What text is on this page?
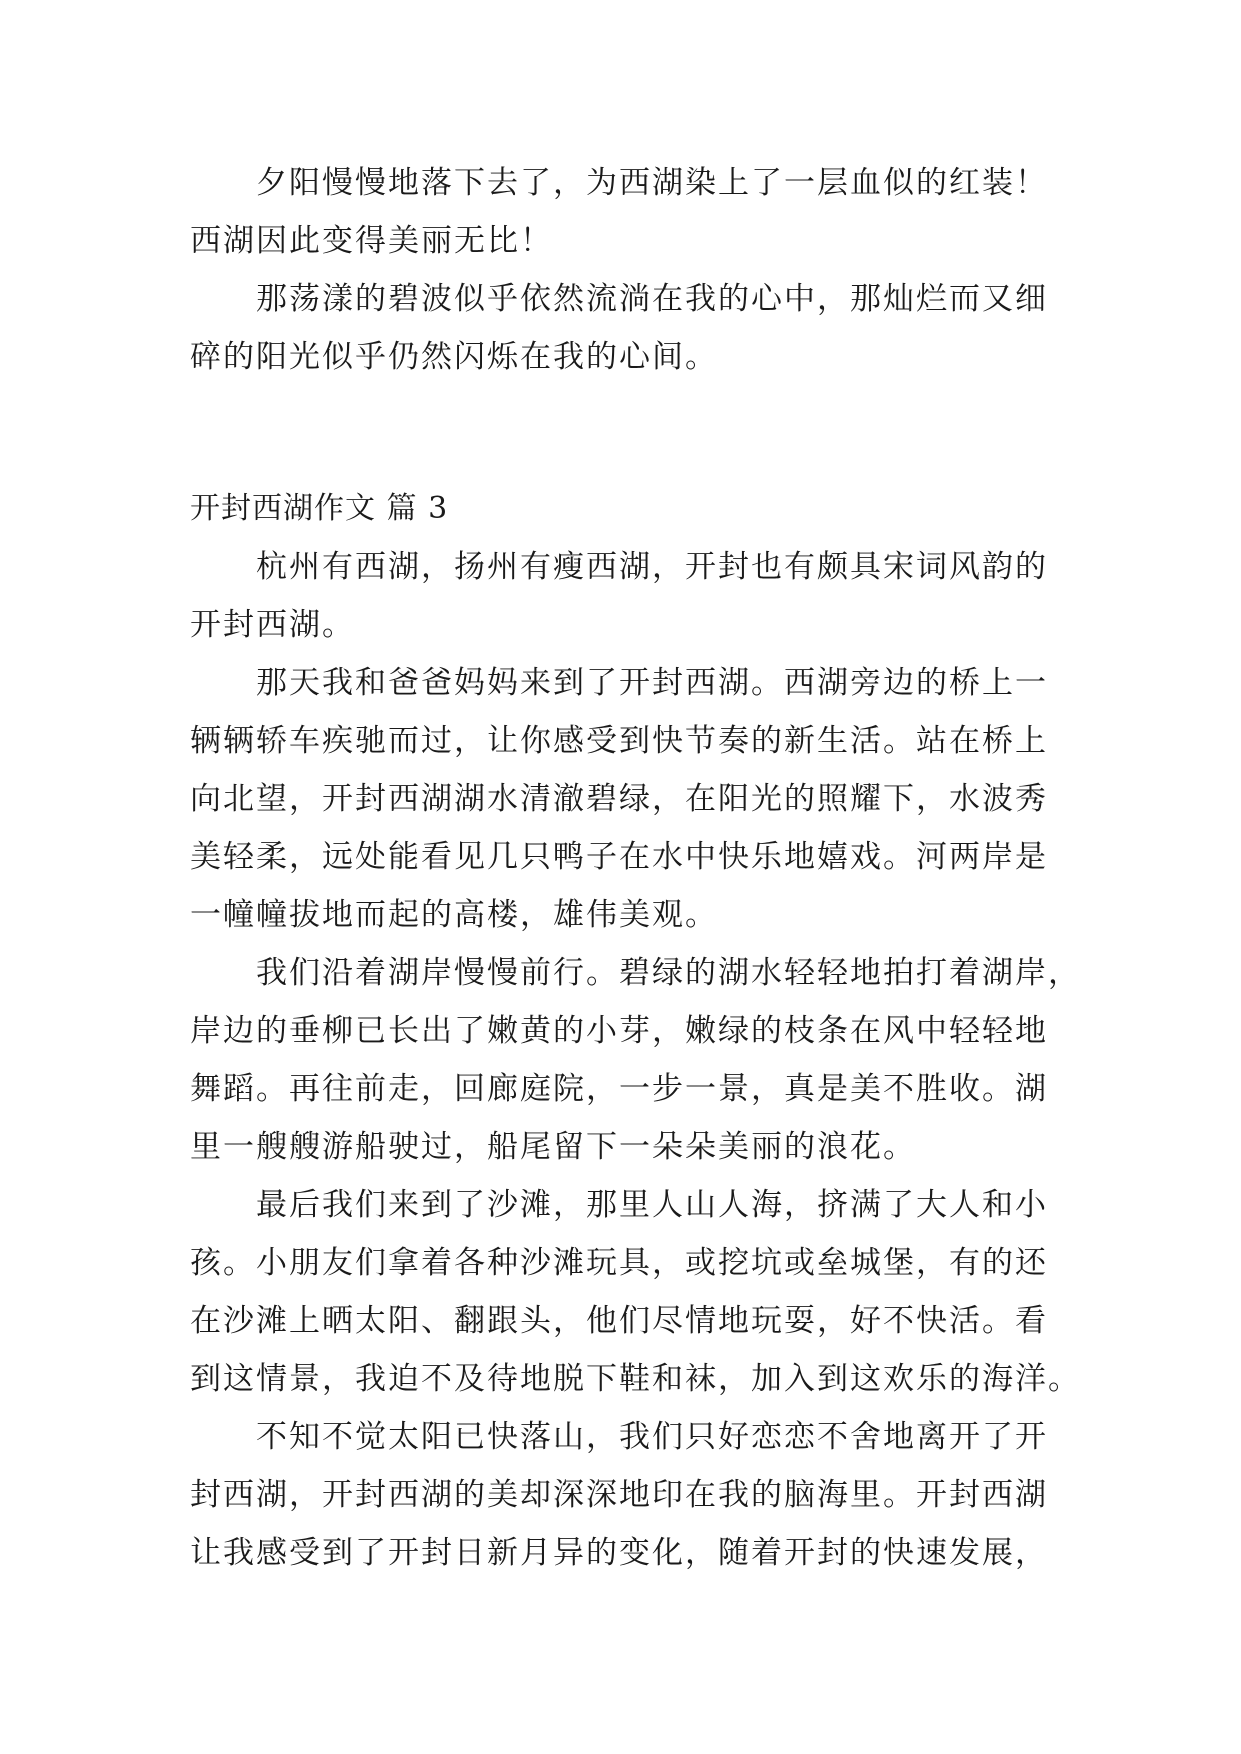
夕阳慢慢地落下去了，为西湖染上了一层血似的红装！
西湖因此变得美丽无比！
那荡漾的碧波似乎依然流淌在我的心中，那灿烂而又细
碎的阳光似乎仍然闪烁在我的心间。
开封西湖作文 篇 3
杭州有西湖，扬州有瘦西湖，开封也有颇具宋词风韵的
开封西湖。
那天我和爸爸妈妈来到了开封西湖。西湖旁边的桥上一
辆辆轿车疾驰而过，让你感受到快节奏的新生活。站在桥上
向北望，开封西湖湖水清澈碧绿，在阳光的照耀下，水波秀
美轻柔，远处能看见几只鸭子在水中快乐地嬉戏。河两岸是
一幢幢拔地而起的高楼，雄伟美观。
我们沿着湖岸慢慢前行。碧绿的湖水轻轻地拍打着湖岸，
岸边的垂柳已长出了嫩黄的小芽，嫩绿的枝条在风中轻轻地
舞蹈。再往前走，回廊庭院，一步一景，真是美不胜收。湖
里一艘艘游船驶过，船尾留下一朵朵美丽的浪花。
最后我们来到了沙滩，那里人山人海，挤满了大人和小
孩。小朋友们拿着各种沙滩玩具，或挖坑或垒城堡，有的还
在沙滩上晒太阳、翻跟头，他们尽情地玩耍，好不快活。看
到这情景，我迫不及待地脱下鞋和袜，加入到这欢乐的海洋。
不知不觉太阳已快落山，我们只好恋恋不舍地离开了开
封西湖，开封西湖的美却深深地印在我的脑海里。开封西湖
让我感受到了开封日新月异的变化，随着开封的快速发展，
